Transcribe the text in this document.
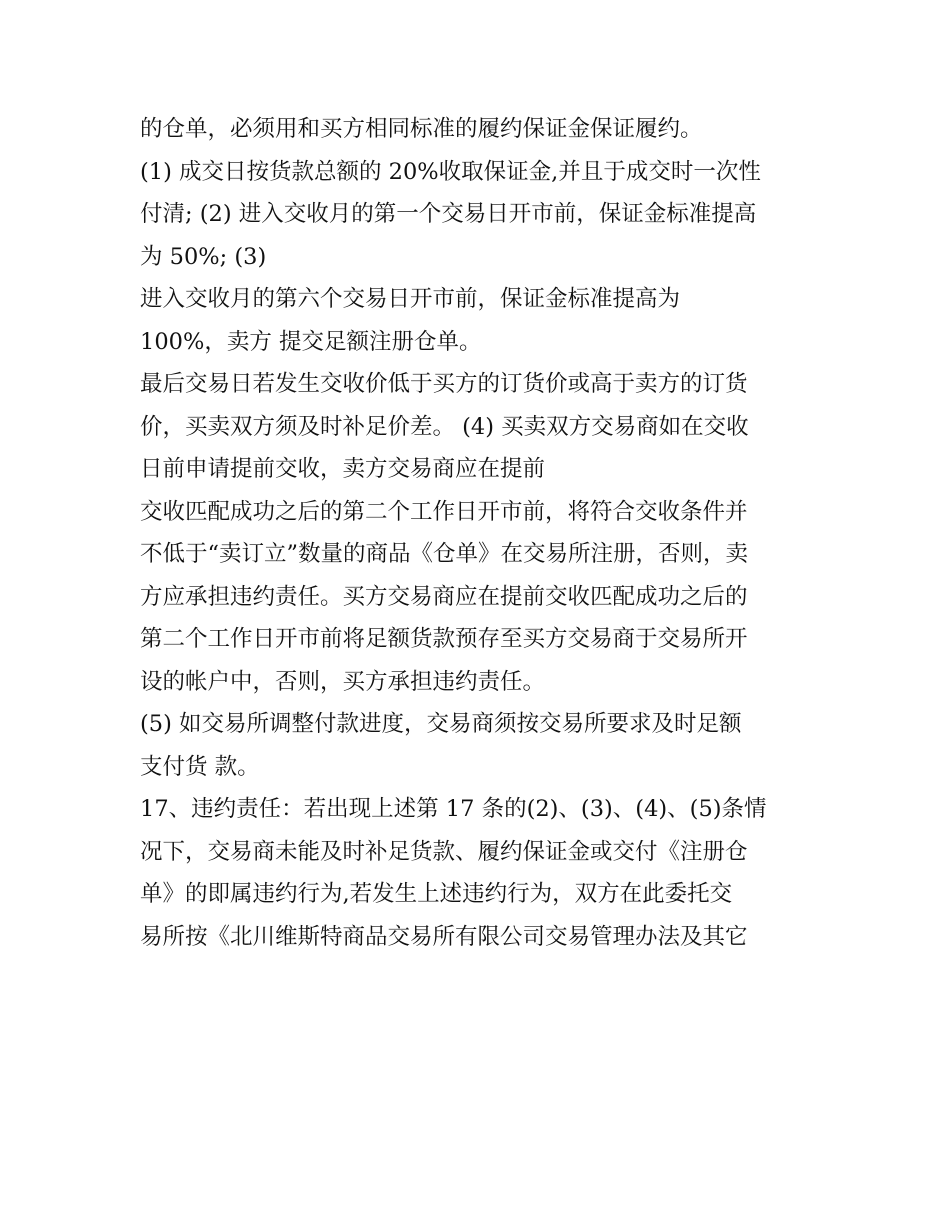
的仓单，必须用和买方相同标准的履约保证金保证履约。
(1) 成交日按货款总额的 20%收取保证金,并且于成交时一次性
付清; (2) 进入交收月的第一个交易日开市前，保证金标准提高
为 50%; (3)
进入交收月的第六个交易日开市前，保证金标准提高为
100%，卖方 提交足额注册仓单。
最后交易日若发生交收价低于买方的订货价或高于卖方的订货
价，买卖双方须及时补足价差。 (4) 买卖双方交易商如在交收
日前申请提前交收，卖方交易商应在提前
交收匹配成功之后的第二个工作日开市前，将符合交收条件并
不低于“卖订立”数量的商品《仓单》在交易所注册，否则，卖
方应承担违约责任。买方交易商应在提前交收匹配成功之后的
第二个工作日开市前将足额货款预存至买方交易商于交易所开
设的帐户中，否则，买方承担违约责任。
(5) 如交易所调整付款进度，交易商须按交易所要求及时足额
支付货 款。
17、违约责任：若出现上述第 17 条的(2)、(3)、(4)、(5)条情
况下，交易商未能及时补足货款、履约保证金或交付《注册仓
单》的即属违约行为,若发生上述违约行为，双方在此委托交
易所按《北川维斯特商品交易所有限公司交易管理办法及其它
